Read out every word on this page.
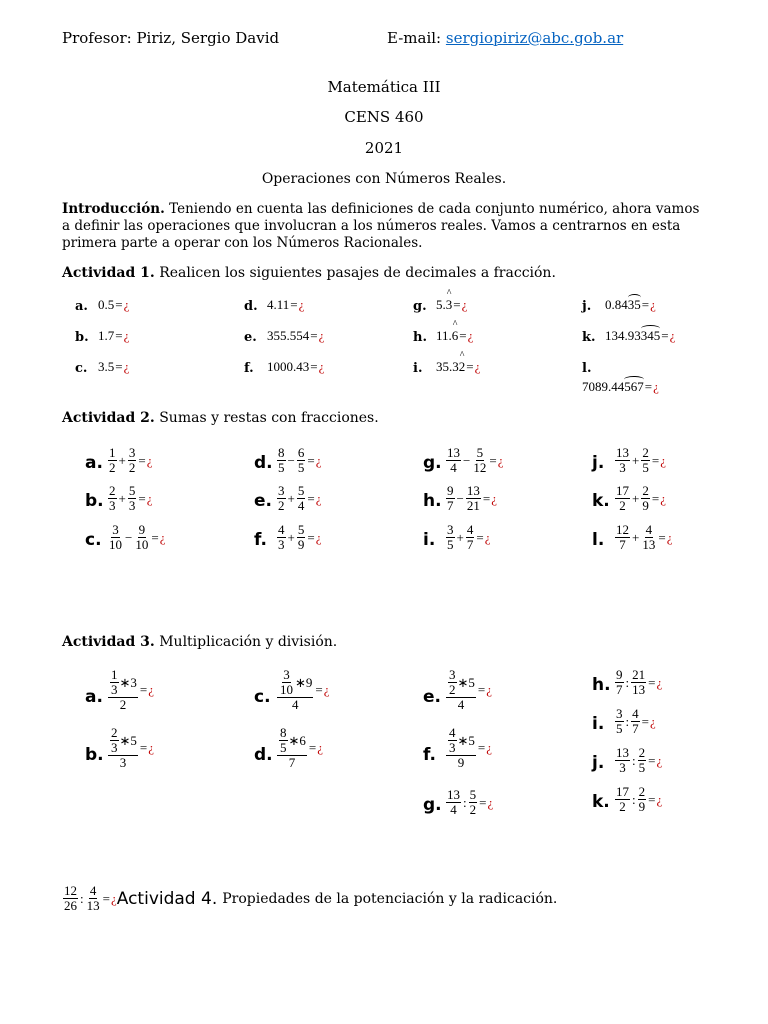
Profesor: Piriz, Sergio David	E-mail: sergiopiriz@abc.gob.ar
Matemática III
CENS 460
2021
Operaciones con Números Reales.
Introducción. Teniendo en cuenta las definiciones de cada conjunto numérico, ahora vamos a definir las operaciones que involucran a los números reales. Vamos a centrarnos en esta primera parte a operar con los Números Racionales.
Actividad 1. Realicen los siguientes pasajes de decimales a fracción.
Actividad 2. Sumas y restas con fracciones.
Actividad 3. Multiplicación y división.
$\frac{12}{26}$ : $\frac{4}{13}$ = ¿ Actividad 4. Propiedades de la potenciación y la radicación.
a. 0.5=¿
b. 1.7=¿
c. 3.5=¿
d. 4.11=¿
e. 355.554=¿
f. 1000.43=¿
g. 5.^ 3=¿
h. 11.^ 6=¿
i. 35.3^ 2=¿
j. 0.8435=¿
k. 134.93345=¿
l.
7089.44567=¿
a. $\frac{1}{2} + \frac{3}{2}$ = ¿
b. $\frac{2}{3} + \frac{5}{3}$ = ¿
c. $\frac{3}{10} - \frac{9}{10}$ = ¿
d. $\frac{8}{5} - \frac{6}{5}$ = ¿
e. $\frac{3}{2} + \frac{5}{4}$ = ¿
f. $\frac{4}{3} + \frac{5}{9}$ = ¿
g. $\frac{13}{4} - \frac{5}{12}$ = ¿
h. $\frac{9}{7} - \frac{13}{21}$ = ¿
i. $\frac{3}{5} + \frac{4}{7}$ = ¿
j. $\frac{13}{3} + \frac{2}{5}$ = ¿
k. $\frac{17}{2} + \frac{2}{9}$ = ¿
l. $\frac{12}{7} + \frac{4}{13}$ = ¿
a. $\frac{\frac{1}{3} ∗3}{2}$ = ¿
b. $\frac{\frac{2}{3} ∗5}{3}$ = ¿
c. $\frac{\frac{3}{10} ∗9}{4}$ = ¿
d. $\frac{\frac{8}{5} ∗6}{7}$ = ¿
e. $\frac{\frac{3}{2} ∗5}{4}$ = ¿
f. $\frac{\frac{4}{3} ∗5}{9}$ = ¿
g. $\frac{13}{4}$ : $\frac{5}{2}$ = ¿
h. $\frac{9}{7}$ : $\frac{21}{13}$ = ¿
i. $\frac{3}{5}$ : $\frac{4}{7}$ = ¿
j. $\frac{13}{3}$ : $\frac{2}{5}$ = ¿
k. $\frac{17}{2}$ : $\frac{2}{9}$ = ¿
